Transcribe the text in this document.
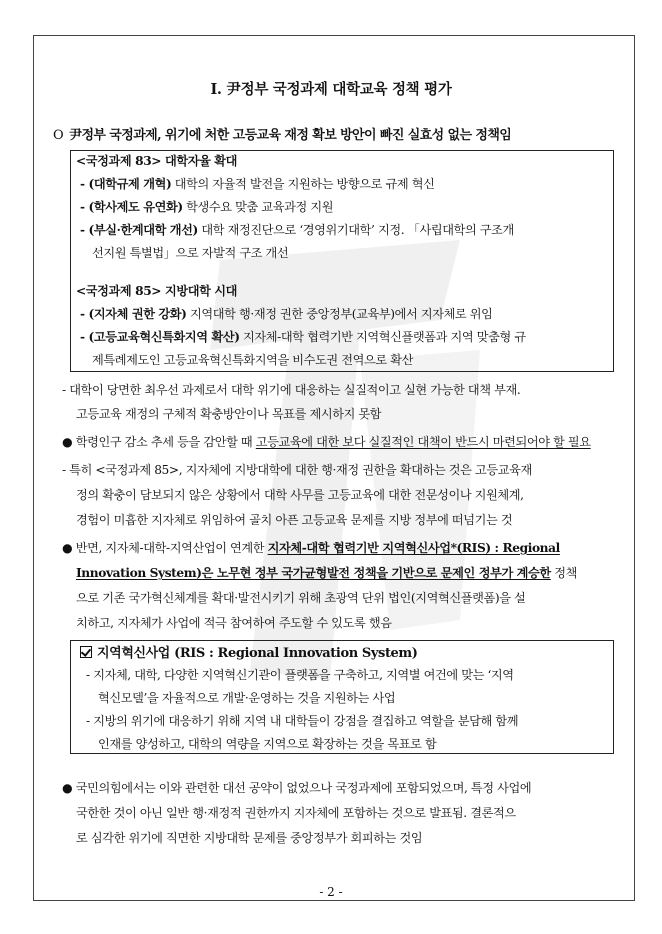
Ⅰ. 尹정부 국정과제 대학교육 정책 평가
O 尹정부 국정과제, 위기에 처한 고등교육 재정 확보 방안이 빠진 실효성 없는 정책임
<국정과제 83> 대학자율 확대
- (대학규제 개혁) 대학의 자율적 발전을 지원하는 방향으로 규제 혁신
- (학사제도 유연화) 학생수요 맞춤 교육과정 지원
- (부실·한계대학 개선) 대학 재정진단으로 ‘경영위기대학’ 지정. 「사립대학의 구조개
선지원 특별법」으로 자발적 구조 개선
<국정과제 85> 지방대학 시대
- (지자체 권한 강화) 지역대학 행·재정 권한 중앙정부(교육부)에서 지자체로 위임
- (고등교육혁신특화지역 확산) 지자체-대학 협력기반 지역혁신플랫폼과 지역 맞춤형 규
제특례제도인 고등교육혁신특화지역을 비수도권 전역으로 확산
- 대학이 당면한 최우선 과제로서 대학 위기에 대응하는 실질적이고 실현 가능한 대책 부재.
고등교육 재정의 구체적 확충방안이나 목표를 제시하지 못함
● 학령인구 감소 추세 등을 감안할 때 고등교육에 대한 보다 실질적인 대책이 반드시 마련되어야 할 필요
- 특히 <국정과제 85>, 지자체에 지방대학에 대한 행·재정 권한을 확대하는 것은 고등교육재
정의 확충이 담보되지 않은 상황에서 대학 사무를 고등교육에 대한 전문성이나 지원체계,
경험이 미흡한 지자체로 위임하여 골치 아픈 고등교육 문제를 지방 정부에 떠넘기는 것
● 반면, 지자체-대학-지역산업이 연계한 지자체-대학 협력기반 지역혁신사업*(RIS) : Regional
Innovation System)은 노무현 정부 국가균형발전 정책을 기반으로 문제인 정부가 계승한 정책
으로 기존 국가혁신체계를 확대·발전시키기 위해 초광역 단위 법인(지역혁신플랫폼)을 설
치하고, 지자체가 사업에 적극 참여하여 주도할 수 있도록 했음
지역혁신사업 (RIS : Regional Innovation System)
- 지자체, 대학, 다양한 지역혁신기관이 플랫폼을 구축하고, 지역별 여건에 맞는 ‘지역
혁신모델’을 자율적으로 개발·운영하는 것을 지원하는 사업
- 지방의 위기에 대응하기 위해 지역 내 대학들이 강점을 결집하고 역할을 분담해 함께
인재를 양성하고, 대학의 역량을 지역으로 확장하는 것을 목표로 함
● 국민의힘에서는 이와 관련한 대선 공약이 없었으나 국정과제에 포함되었으며, 특정 사업에
국한한 것이 아닌 일반 행·재정적 권한까지 지자체에 포함하는 것으로 발표됨. 결론적으
로 심각한 위기에 직면한 지방대학 문제를 중앙정부가 회피하는 것임
- 2 -
